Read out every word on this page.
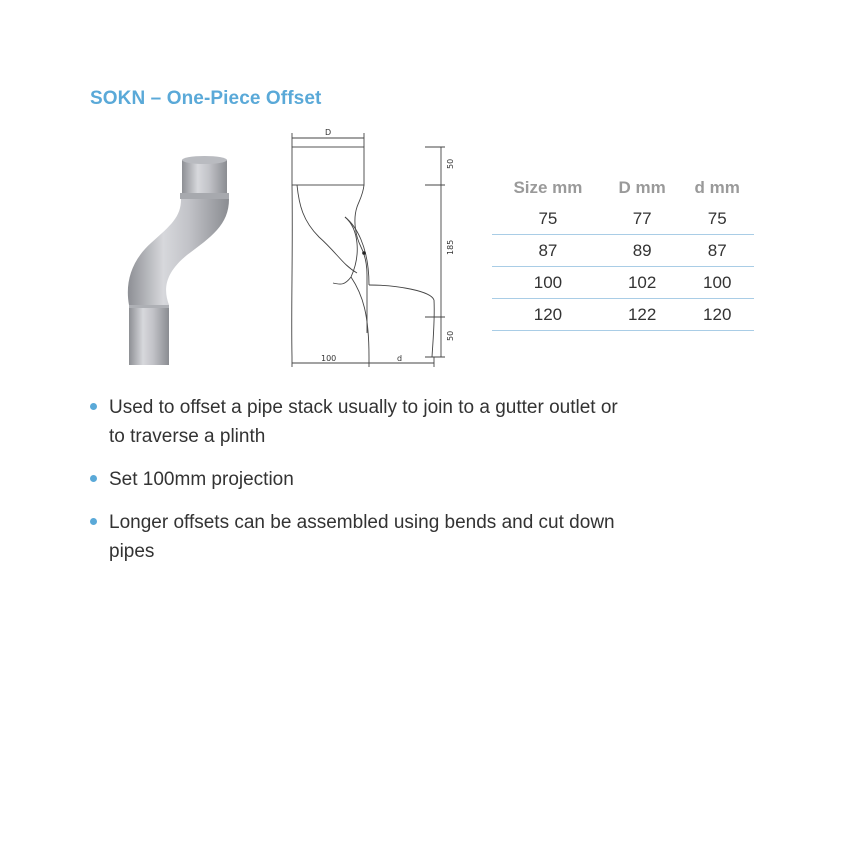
SOKN – One-Piece Offset
D
d
100
50
185
50
Size mm	D mm	d mm
75	77	75
87	89	87
100	102	100
120	122	120
Used to offset a pipe stack usually to join to a gutter outlet or to traverse a plinth
Set 100mm projection
Longer offsets can be assembled using bends and cut down pipes
